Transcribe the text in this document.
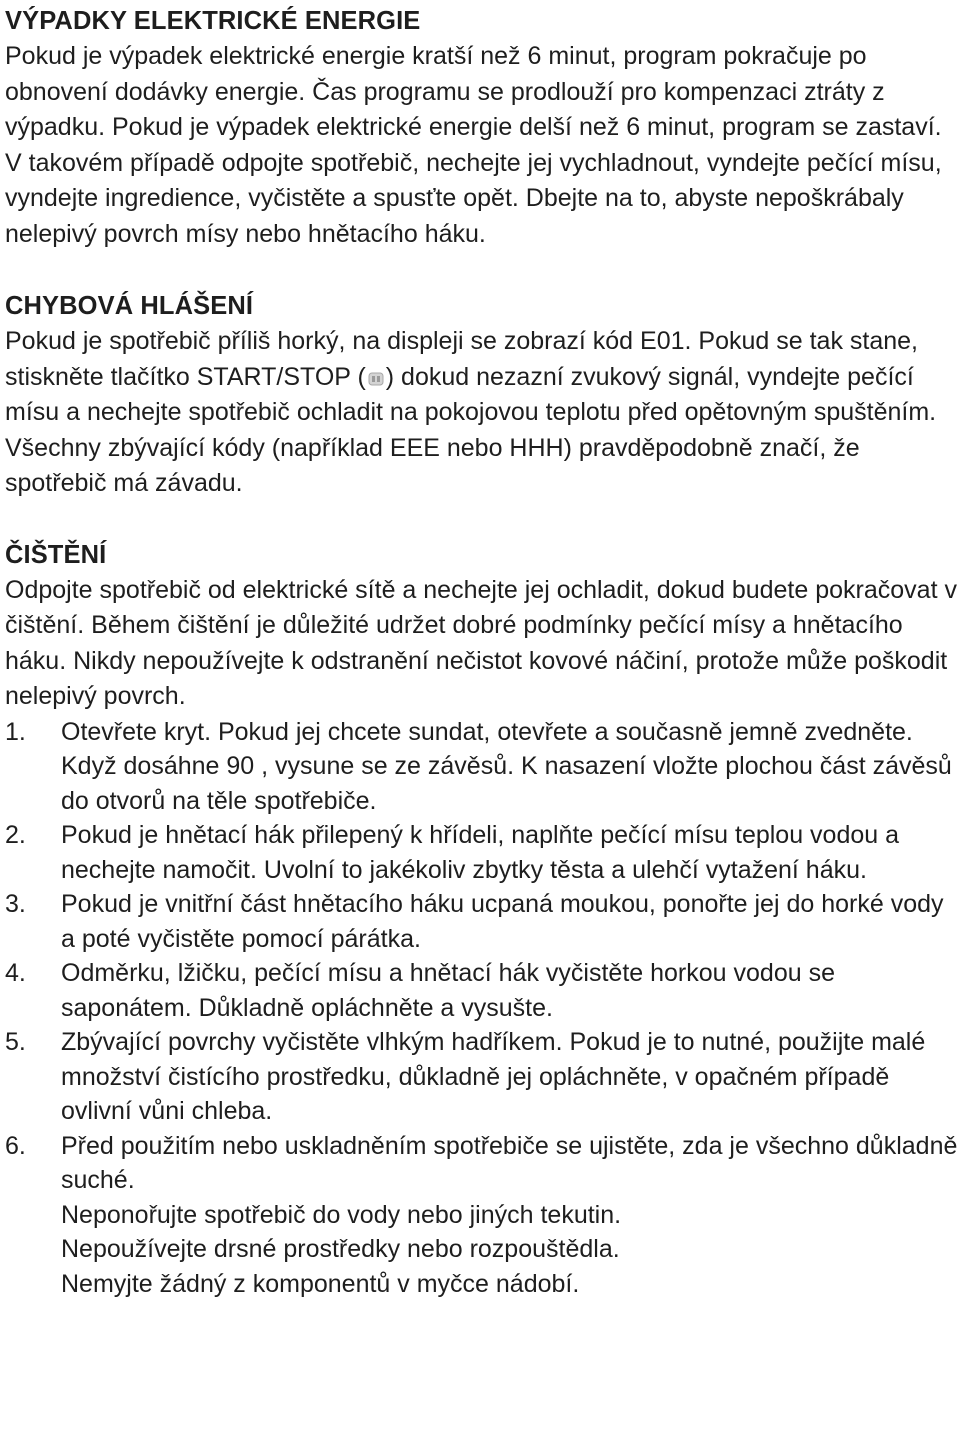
VÝPADKY ELEKTRICKÉ ENERGIE

Pokud je výpadek elektrické energie kratší než 6 minut, program pokračuje po obnovení dodávky energie. Čas programu se prodlouží pro kompenzaci ztráty z výpadku. Pokud je výpadek elektrické energie delší než 6 minut, program se zastaví. V takovém případě odpojte spotřebič, nechejte jej vychladnout, vyndejte pečící mísu, vyndejte ingredience, vyčistěte a spusťte opět. Dbejte na to, abyste nepoškrábaly nelepivý povrch mísy nebo hnětacího háku.

CHYBOVÁ HLÁŠENÍ

Pokud je spotřebič příliš horký, na displeji se zobrazí kód E01. Pokud se tak stane, stiskněte tlačítko START/STOP ( ) dokud nezazní zvukový signál, vyndejte pečící mísu a nechejte spotřebič ochladit na pokojovou teplotu před opětovným spuštěním.

Všechny zbývající kódy (například EEE nebo HHH) pravděpodobně značí, že spotřebič má závadu.

ČIŠTĚNÍ

Odpojte spotřebič od elektrické sítě a nechejte jej ochladit, dokud budete pokračovat v čištění. Během čištění je důležité udržet dobré podmínky pečící mísy a hnětacího háku. Nikdy nepoužívejte k odstranění nečistot kovové náčiní, protože může poškodit nelepivý povrch.

1. Otevřete kryt. Pokud jej chcete sundat, otevřete a současně jemně zvedněte. Když dosáhne 90 , vysune se ze závěsů. K nasazení vložte plochou část závěsů do otvorů na těle spotřebiče.
2. Pokud je hnětací hák přilepený k hřídeli, naplňte pečící mísu teplou vodou a nechejte namočit. Uvolní to jakékoliv zbytky těsta a ulehčí vytažení háku.
3. Pokud je vnitřní část hnětacího háku ucpaná moukou, ponořte jej do horké vody a poté vyčistěte pomocí párátka.
4. Odměrku, lžičku, pečící mísu a hnětací hák vyčistěte horkou vodou se saponátem. Důkladně opláchněte a vysušte.
5. Zbývající povrchy vyčistěte vlhkým hadříkem. Pokud je to nutné, použijte malé množství čistícího prostředku, důkladně jej opláchněte, v opačném případě ovlivní vůni chleba.
6. Před použitím nebo uskladněním spotřebiče se ujistěte, zda je všechno důkladně suché.

Neponořujte spotřebič do vody nebo jiných tekutin.

Nepoužívejte drsné prostředky nebo rozpouštědla.

Nemyjte žádný z komponentů v myčce nádobí.
